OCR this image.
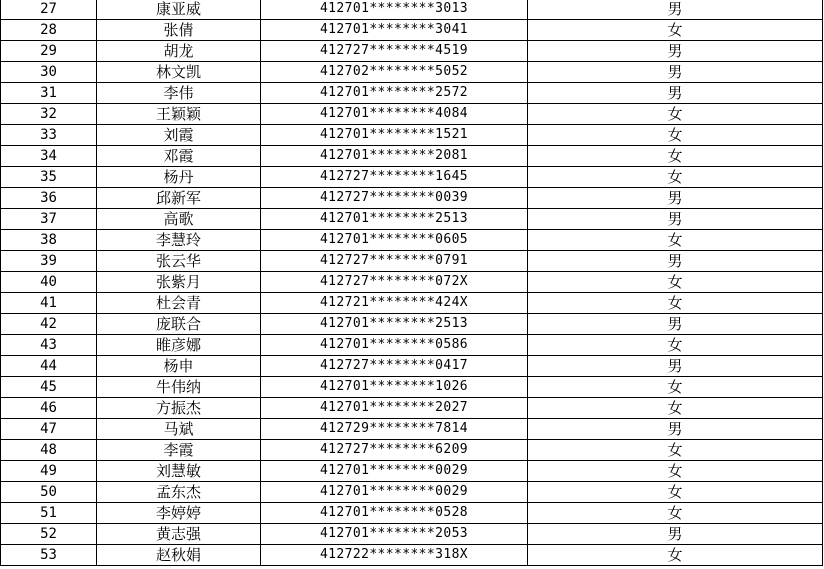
27	康亚威	412701********3013	男
28	张倩	412701********3041	女
29	胡龙	412727********4519	男
30	林文凯	412702********5052	男
31	李伟	412701********2572	男
32	王颖颖	412701********4084	女
33	刘霞	412701********1521	女
34	邓霞	412701********2081	女
35	杨丹	412727********1645	女
36	邱新军	412727********0039	男
37	高歌	412701********2513	男
38	李慧玲	412701********0605	女
39	张云华	412727********0791	男
40	张紫月	412727********072X	女
41	杜会青	412721********424X	女
42	庞联合	412701********2513	男
43	睢彦娜	412701********0586	女
44	杨申	412727********0417	男
45	牛伟纳	412701********1026	女
46	方振杰	412701********2027	女
47	马斌	412729********7814	男
48	李霞	412727********6209	女
49	刘慧敏	412701********0029	女
50	孟东杰	412701********0029	女
51	李婷婷	412701********0528	女
52	黄志强	412701********2053	男
53	赵秋娟	412722********318X	女
